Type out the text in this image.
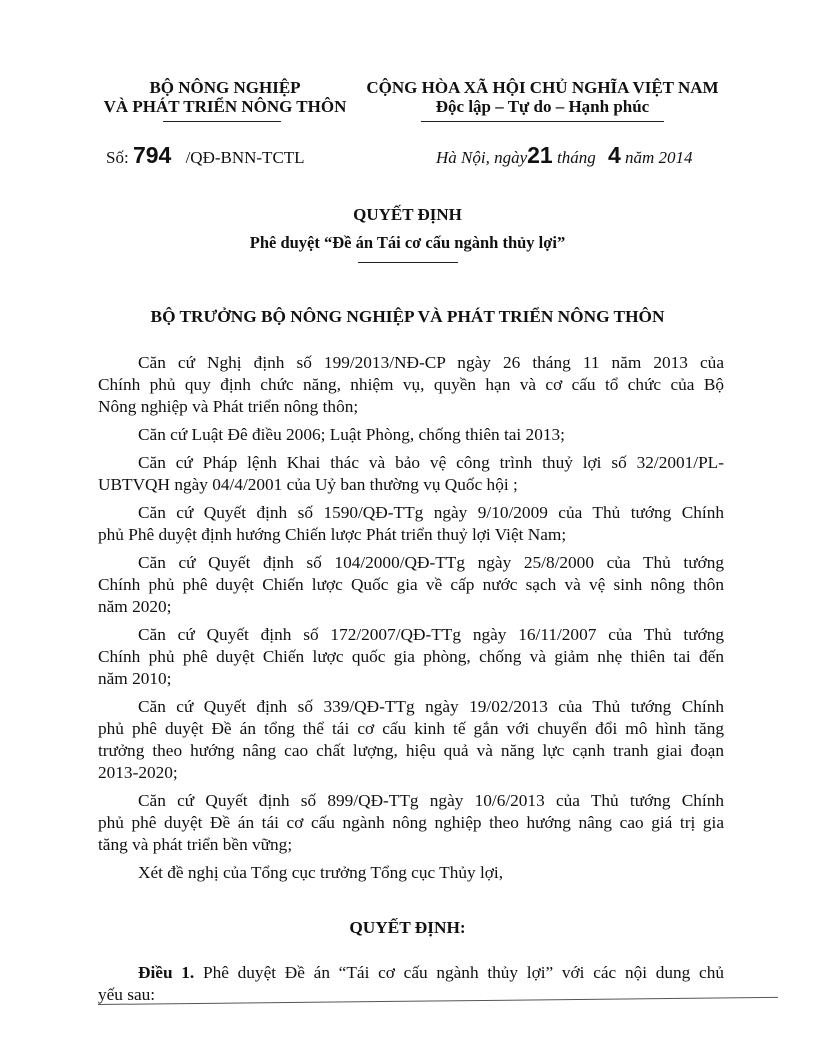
BỘ NÔNG NGHIỆP
VÀ PHÁT TRIỂN NÔNG THÔN
CỘNG HÒA XÃ HỘI CHỦ NGHĨA VIỆT NAM
Độc lập – Tự do – Hạnh phúc
Số: 794 /QĐ-BNN-TCTL	Hà Nội, ngày21 tháng 4 năm 2014
QUYẾT ĐỊNH
Phê duyệt “Đề án Tái cơ cấu ngành thủy lợi”
BỘ TRƯỞNG BỘ NÔNG NGHIỆP VÀ PHÁT TRIỂN NÔNG THÔN
Căn cứ Nghị định số 199/2013/NĐ-CP ngày 26 tháng 11 năm 2013 của
Chính phủ quy định chức năng, nhiệm vụ, quyền hạn và cơ cấu tổ chức của Bộ
Nông nghiệp và Phát triển nông thôn;
Căn cứ Luật Đê điều 2006; Luật Phòng, chống thiên tai 2013;
Căn cứ Pháp lệnh Khai thác và bảo vệ công trình thuỷ lợi số 32/2001/PL-
UBTVQH ngày 04/4/2001 của Uỷ ban thường vụ Quốc hội ;
Căn cứ Quyết định số 1590/QĐ-TTg ngày 9/10/2009 của Thủ tướng Chính
phủ Phê duyệt định hướng Chiến lược Phát triển thuỷ lợi Việt Nam;
Căn cứ Quyết định số 104/2000/QĐ-TTg ngày 25/8/2000 của Thủ tướng
Chính phủ phê duyệt Chiến lược Quốc gia về cấp nước sạch và vệ sinh nông thôn
năm 2020;
Căn cứ Quyết định số 172/2007/QĐ-TTg ngày 16/11/2007 của Thủ tướng
Chính phủ phê duyệt Chiến lược quốc gia phòng, chống và giảm nhẹ thiên tai đến
năm 2010;
Căn cứ Quyết định số 339/QĐ-TTg ngày 19/02/2013 của Thủ tướng Chính
phủ phê duyệt Đề án tổng thể tái cơ cấu kinh tế gắn với chuyển đổi mô hình tăng
trưởng theo hướng nâng cao chất lượng, hiệu quả và năng lực cạnh tranh giai đoạn
2013-2020;
Căn cứ Quyết định số 899/QĐ-TTg ngày 10/6/2013 của Thủ tướng Chính
phủ phê duyệt Đề án tái cơ cấu ngành nông nghiệp theo hướng nâng cao giá trị gia
tăng và phát triển bền vững;
Xét đề nghị của Tổng cục trưởng Tổng cục Thủy lợi,
QUYẾT ĐỊNH:
Điều 1. Phê duyệt Đề án “Tái cơ cấu ngành thủy lợi” với các nội dung chủ
yếu sau:
